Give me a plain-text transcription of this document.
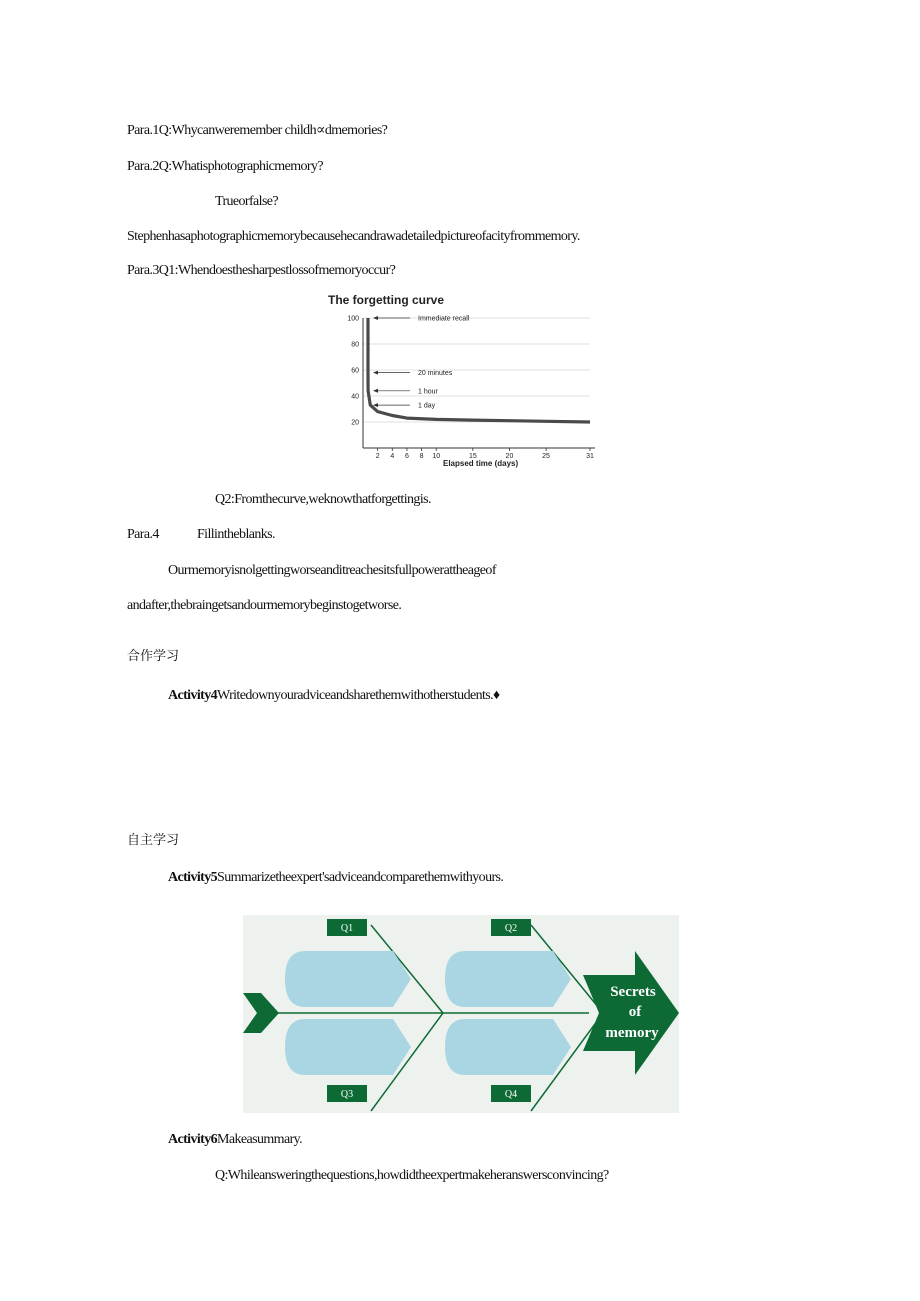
Para.1Q:Whycanweremember childh∝dmemories?
Para.2Q:Whatisphotographicmemory?
Trueorfalse?
Stephenhasaphotographicmemorybecausehecandrawadetailedpictureofacityfrommemory.
Para.3Q1:Whendoesthesharpestlossofmemoryoccur?
The forgetting curve
20
40
60
80
100
2 4 6 8 10	15	20	25	31
Immediate recall
20 minutes
1 hour
1 day
Elapsed time (days)
Q2:Fromthecurve,weknowthatforgettingis.
Para.4	Fillintheblanks.
Ourmemoryisnolgettingworseanditreachesitsfullpowerattheageof
andafter,thebraingetsandourmemorybeginstogetworse.
合作学习
Activity4Writedownyouradviceandsharethemwithotherstudents.♦
自主学习
Activity5Summarizetheexpert'sadviceandcomparethemwithyours.
Q1	Q2
Q3	Q4
Secrets
of
memory
Activity6Makeasummary.
Q:Whileansweringthequestions,howdidtheexpertmakeheranswersconvincing?
